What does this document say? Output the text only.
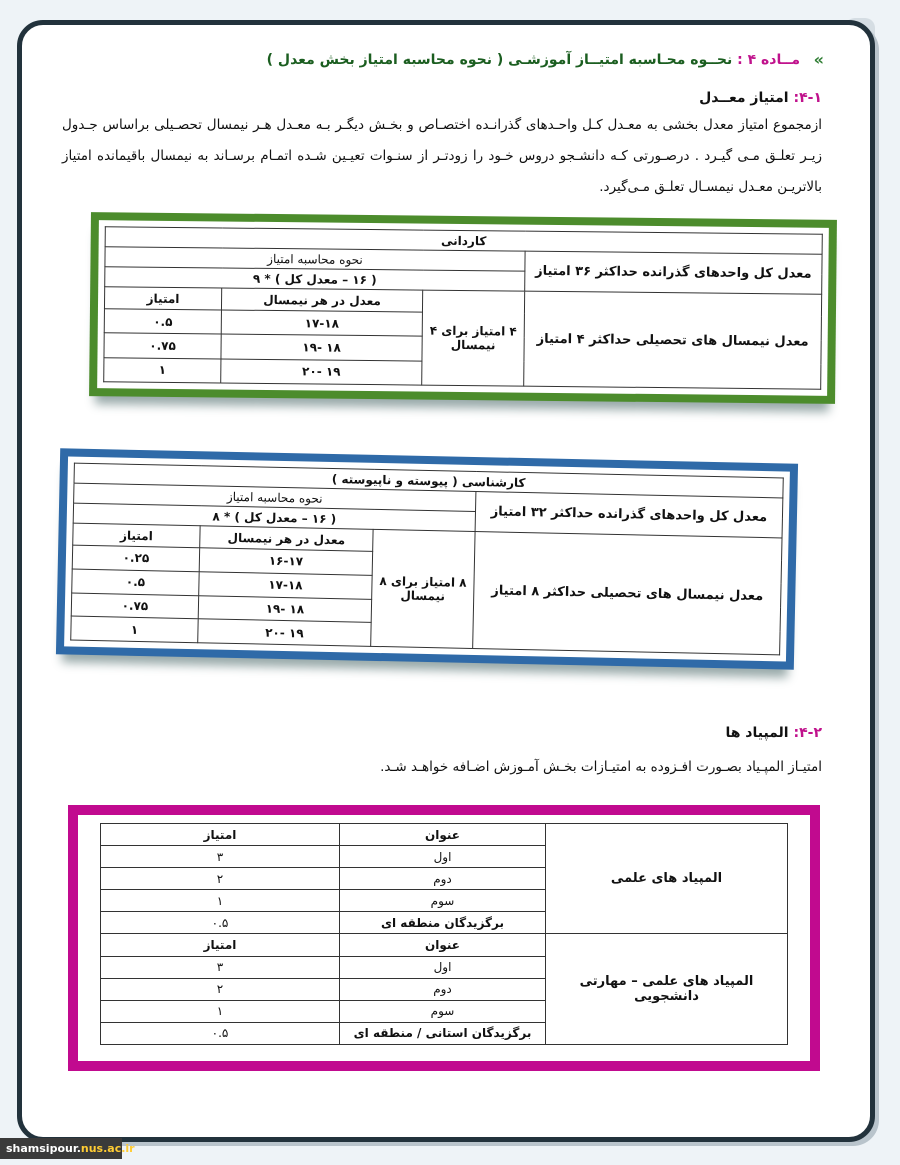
«
مــاده ۴ : نحــوه محـاسبه امتيــاز آموزشـی ( نحوه محاسبه امتياز بخش معدل )
۴-۱: امتیاز معــدل
ازمجموع امتیاز معدل بخشی به معـدل کـل واحـدهای گذرانـده اختصـاص و بخـش دیگـر بـه معـدل هـر نیمسال تحصـیلی براساس جـدول زیـر تعلـق مـی گیـرد . درصـورتی کـه دانشـجو دروس خـود را زودتـر از سنـوات تعیـین شـده اتمـام برسـاند به نیمسال باقیمانده امتیاز بالاتریـن معـدل نیمسـال تعلـق مـی‌گیرد.
کاردانی			
معدل کل واحدهای گذرانده حداکثر ۳۶ امتیاز	نحوه محاسبه امتیاز		
	( ۱۶ – معدل کل ) * ۹		
معدل نیمسال های تحصیلی حداکثر ۴ امتیاز	۴ امتیاز برای ۴ نیمسال	معدل در هر نیمسال	امتیاز
		۱۷-۱۸	۰.۵
		۱۸ -۱۹	۰.۷۵
		۱۹ -۲۰	۱
کارشناسی ( پیوسته و ناپیوسته )			
معدل کل واحدهای گذرانده حداکثر ۳۲ امتیاز	نحوه محاسبه امتیاز		
	( ۱۶ – معدل کل ) * ۸		
معدل نیمسال های تحصیلی حداکثر ۸ امتیاز	۸ امتیاز برای ۸ نیمسال	معدل در هر نیمسال	امتیاز
		۱۶-۱۷	۰.۲۵
		۱۷-۱۸	۰.۵
		۱۸ -۱۹	۰.۷۵
		۱۹ -۲۰	۱
۴-۲: المپیاد ها
امتیـاز المپـیاد بصـورت افـزوده به امتیـازات بخـش آمـوزش اضـافه خواهـد شـد.
المپیاد های علمی	عنوان	امتیاز
	اول	۳
	دوم	۲
	سوم	۱
	برگزیدگان منطقه ای	۰.۵
المپیاد های علمی – مهارتی دانشجویی	عنوان	امتیاز
	اول	۳
	دوم	۲
	سوم	۱
	برگزیدگان استانی / منطقه ای	۰.۵
shamsipour.nus.ac.ir
